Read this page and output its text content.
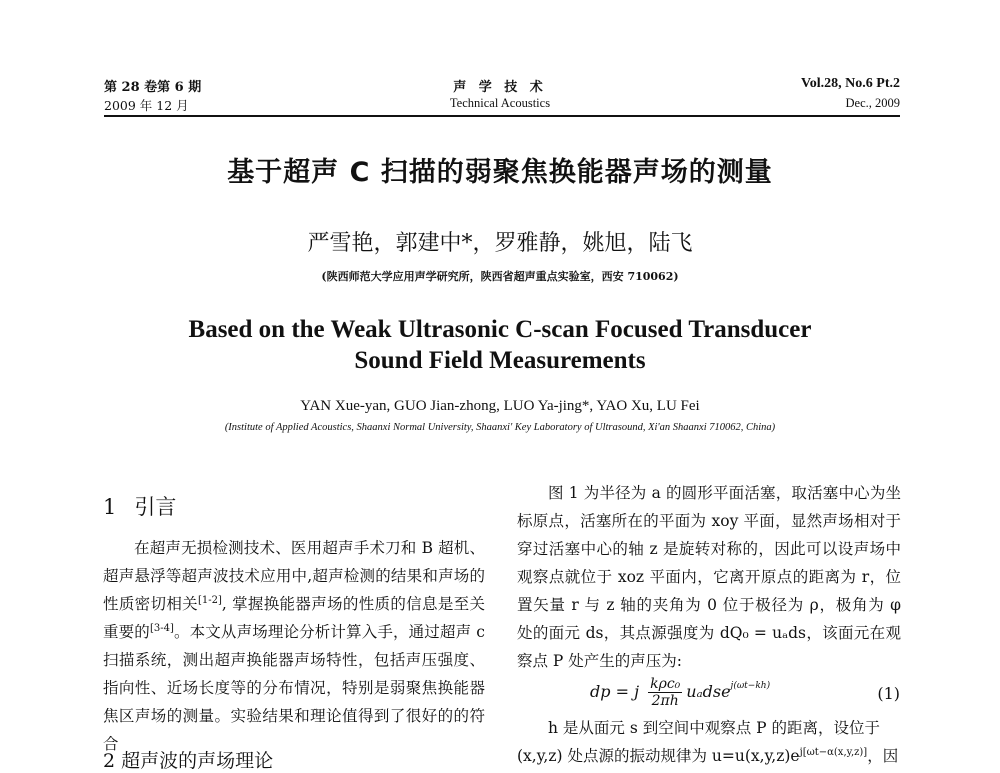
第 28 卷第 6 期
2009 年 12 月
声 学 技 术
Technical Acoustics
Vol.28, No.6 Pt.2
Dec., 2009
基于超声 C 扫描的弱聚焦换能器声场的测量
严雪艳，郭建中*，罗雅静，姚旭，陆飞
(陕西师范大学应用声学研究所，陕西省超声重点实验室，西安 710062)
Based on the Weak Ultrasonic C-scan Focused Transducer
Sound Field Measurements
YAN Xue-yan, GUO Jian-zhong, LUO Ya-jing*, YAO Xu, LU Fei
(Institute of Applied Acoustics, Shaanxi Normal University, Shaanxi' Key Laboratory of Ultrasound, Xi'an Shaanxi 710062, China)
1 引言

在超声无损检测技术、医用超声手术刀和 B 超机、超声悬浮等超声波技术应用中,超声检测的结果和声场的性质密切相关[1-2], 掌握换能器声场的性质的信息是至关重要的[3-4]。本文从声场理论分析计算入手，通过超声 c 扫描系统，测出超声换能器声场特性，包括声压强度、指向性、近场长度等的分布情况，特别是弱聚焦换能器焦区声场的测量。实验结果和理论值得到了很好的的符合

2 超声波的声场理论

图 1 为半径为 a 的圆形平面活塞，取活塞中心为坐标原点，活塞所在的平面为 xoy 平面，显然声场相对于穿过活塞中心的轴 z 是旋转对称的，因此可以设声场中观察点就位于 xoz 平面内，它离开原点的距离为 r，位置矢量 r 与 z 轴的夹角为 0 位于极径为 ρ，极角为 φ 处的面元 ds，其点源强度为 dQ₀ = uₐds，该面元在观察点 P 处产生的声压为:

dp = j $\frac{\text{kρc₀}}{2\pi h} u_adse^{j(\omega t-kh)}$	(1)

h 是从面元 s 到空间中观察点 P 的距离，设位于

(x,y,z) 处点源的振动规律为 $u=u(x,y,z)e^{j[\omega t-\alpha(x,y,z)]}$，因
